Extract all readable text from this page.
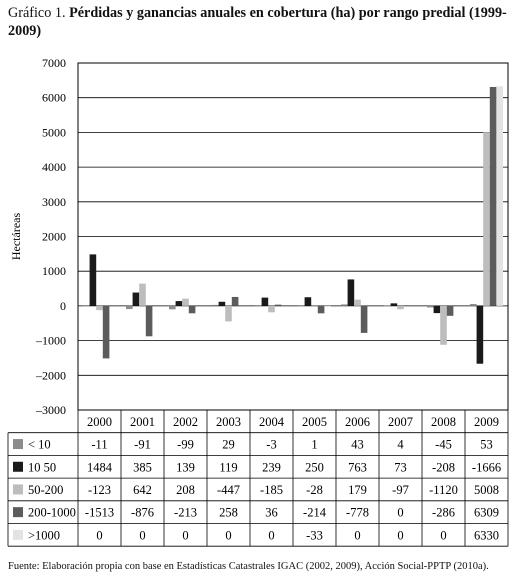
Gráfico 1. Pérdidas y ganancias anuales en cobertura (ha) por rango predial (1999-2009)
7000
6000
5000
4000
3000
2000
1000
0
–1000
–2000
–3000
Hectáreas
2000 2001 2002 2003 2004 2005 2006 2007 2008 2009
< 10	-11 -91 -99 29	-3	1	43	4	-45 53
10 50 1484 385 139 119 239 250 763 73 -208 -1666
50-200 -123 642 208 -447 -185 -28 179 -97 -1120 5008
200-1000 -1513 -876 -213 258 36 -214 -778 0 -286 6309
>1000	0	0	0	0	0	-33	0	0	0 6330
Fuente: Elaboración propia con base en Estadísticas Catastrales IGAC (2002, 2009), Acción Social-PPTP (2010a).
